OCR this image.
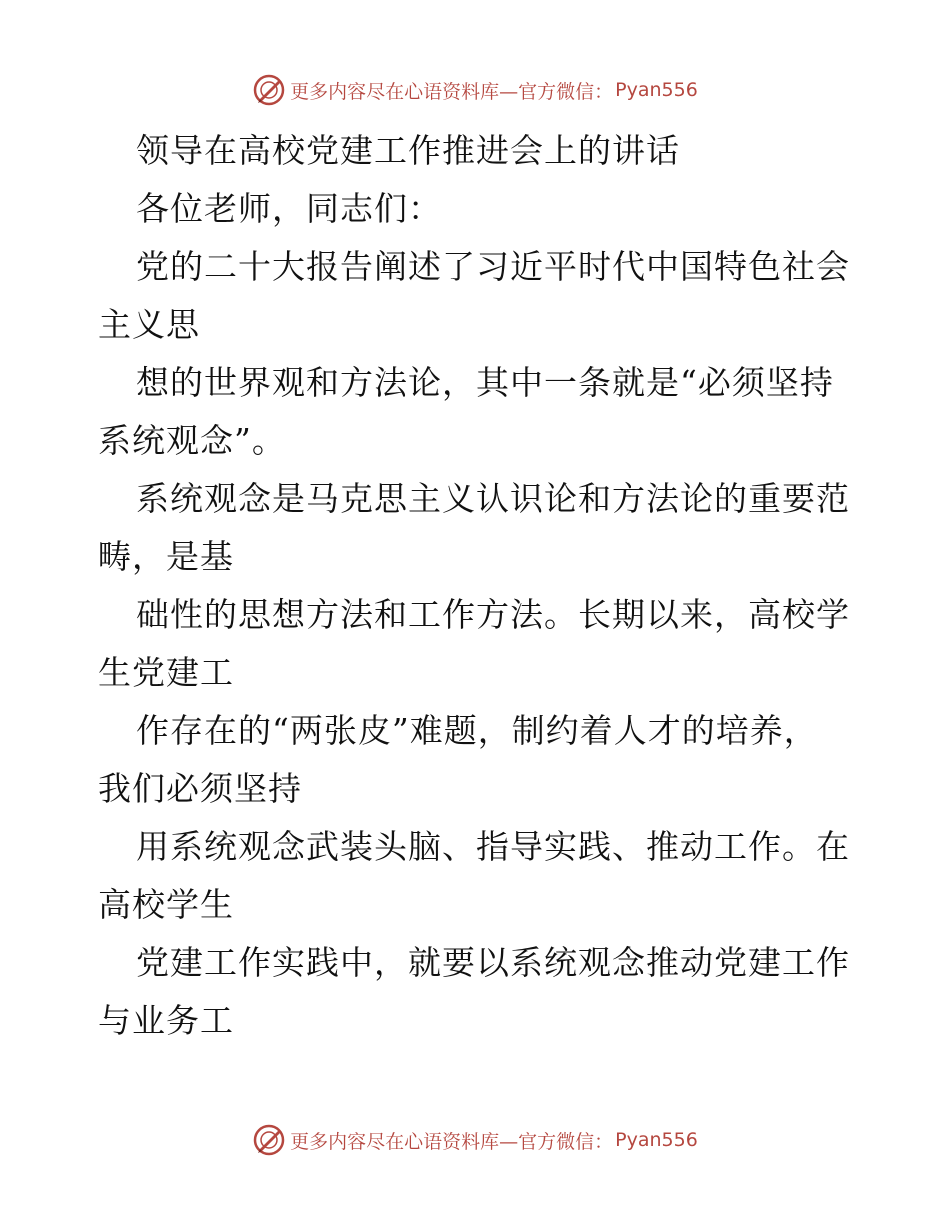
更多内容尽在心语资料库—官方微信： Pyan556
领导在高校党建工作推进会上的讲话
各位老师，同志们：
党的二十大报告阐述了习近平时代中国特色社会
主义思
想的世界观和方法论，其中一条就是“必须坚持
系统观念”。
系统观念是马克思主义认识论和方法论的重要范
畴，是基
础性的思想方法和工作方法。长期以来，高校学
生党建工
作存在的“两张皮”难题，制约着人才的培养，
我们必须坚持
用系统观念武装头脑、指导实践、推动工作。在
高校学生
党建工作实践中，就要以系统观念推动党建工作
与业务工
更多内容尽在心语资料库—官方微信： Pyan556
